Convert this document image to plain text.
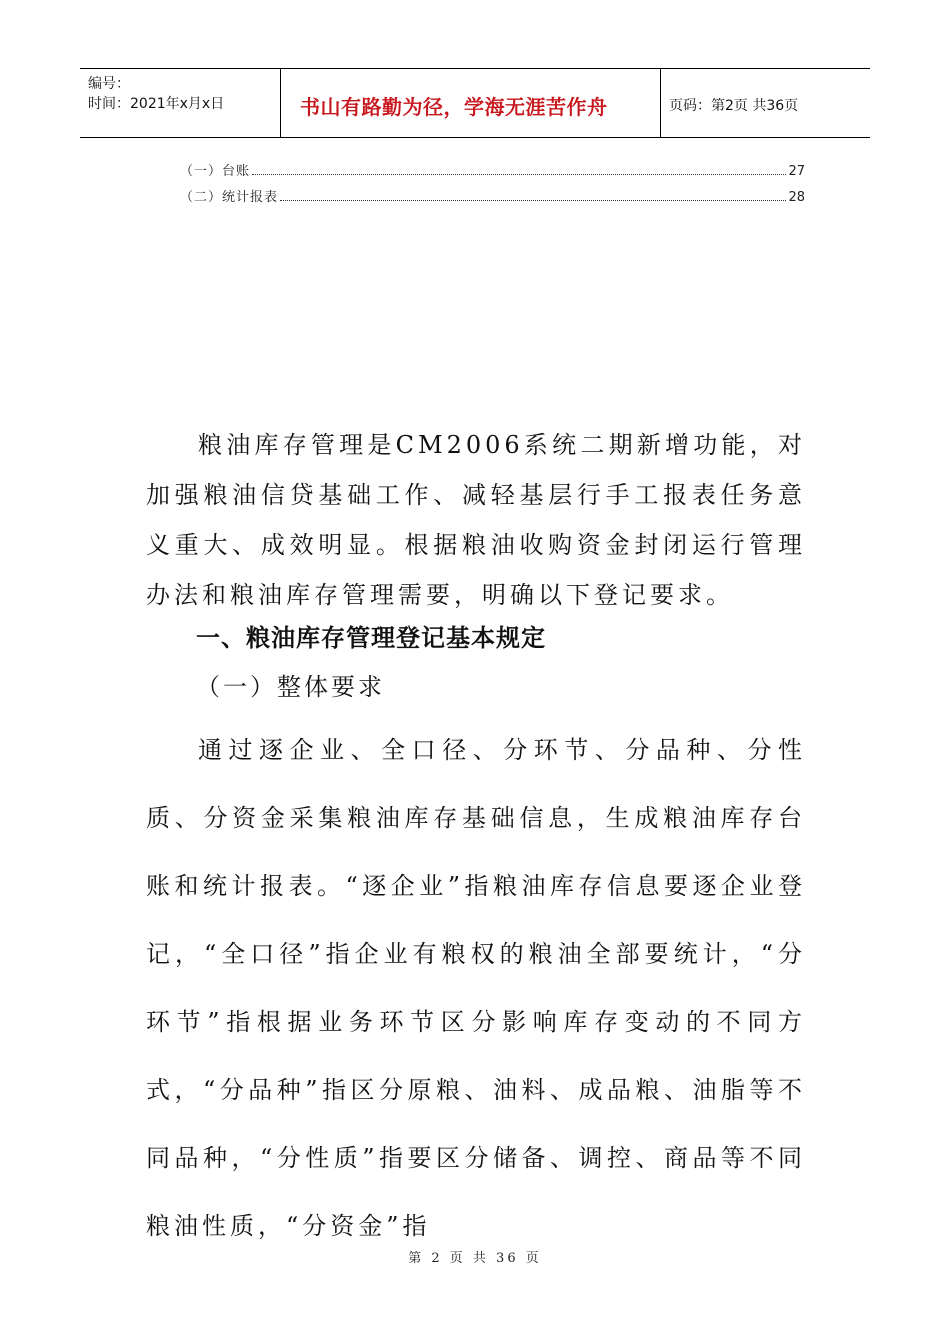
编号：
时间：2021年x月x日	书山有路勤为径，学海无涯苦作舟	页码：第2页 共36页
（一）台账	27
（二）统计报表	28
粮油库存管理是CM2006系统二期新增功能，对加强粮油信贷基础工作、减轻基层行手工报表任务意义重大、成效明显。根据粮油收购资金封闭运行管理办法和粮油库存管理需要，明确以下登记要求。
一、粮油库存管理登记基本规定
（一）整体要求
通过逐企业、全口径、分环节、分品种、分性质、分资金采集粮油库存基础信息，生成粮油库存台账和统计报表。“逐企业”指粮油库存信息要逐企业登记，“全口径”指企业有粮权的粮油全部要统计，“分环节”指根据业务环节区分影响库存变动的不同方式，“分品种”指区分原粮、油料、成品粮、油脂等不同品种，“分性质”指要区分储备、调控、商品等不同粮油性质，“分资金”指
第 2 页 共 36 页
